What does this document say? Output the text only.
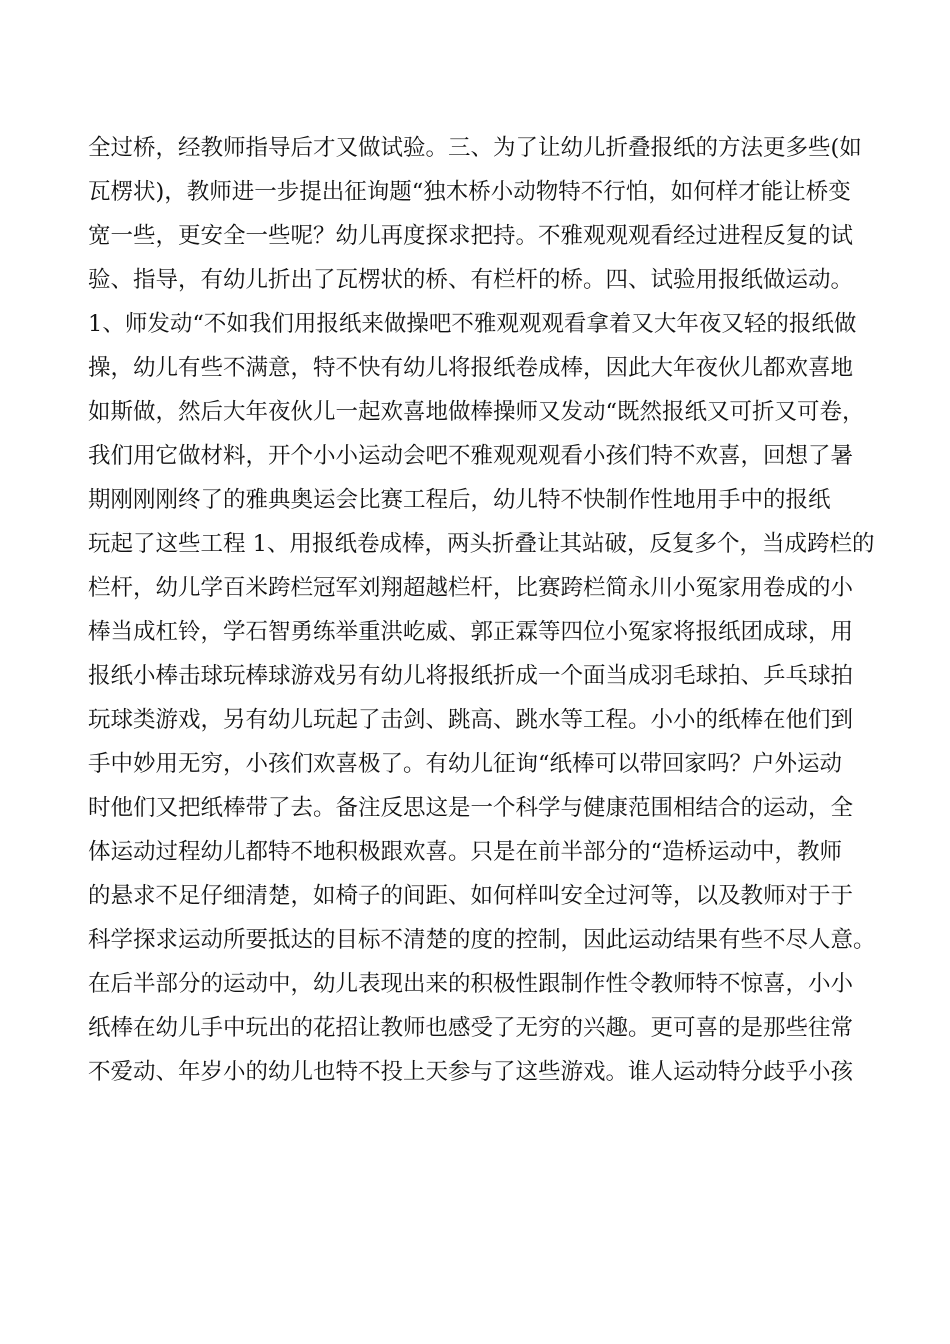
全过桥，经教师指导后才又做试验。三、为了让幼儿折叠报纸的方法更多些(如
瓦楞状)，教师进一步提出征询题“独木桥小动物特不行怕，如何样才能让桥变
宽一些，更安全一些呢？幼儿再度探求把持。不雅观观观看经过进程反复的试
验、指导，有幼儿折出了瓦楞状的桥、有栏杆的桥。四、试验用报纸做运动。
1、师发动“不如我们用报纸来做操吧不雅观观观看拿着又大年夜又轻的报纸做
操，幼儿有些不满意，特不快有幼儿将报纸卷成棒，因此大年夜伙儿都欢喜地
如斯做，然后大年夜伙儿一起欢喜地做棒操师又发动“既然报纸又可折又可卷，
我们用它做材料，开个小小运动会吧不雅观观观看小孩们特不欢喜，回想了暑
期刚刚刚终了的雅典奥运会比赛工程后，幼儿特不快制作性地用手中的报纸
玩起了这些工程 1、用报纸卷成棒，两头折叠让其站破，反复多个，当成跨栏的
栏杆，幼儿学百米跨栏冠军刘翔超越栏杆，比赛跨栏简永川小冤家用卷成的小
棒当成杠铃，学石智勇练举重洪屹威、郭正霖等四位小冤家将报纸团成球，用
报纸小棒击球玩棒球游戏另有幼儿将报纸折成一个面当成羽毛球拍、乒乓球拍
玩球类游戏，另有幼儿玩起了击剑、跳高、跳水等工程。小小的纸棒在他们到
手中妙用无穷，小孩们欢喜极了。有幼儿征询“纸棒可以带回家吗？户外运动
时他们又把纸棒带了去。备注反思这是一个科学与健康范围相结合的运动，全
体运动过程幼儿都特不地积极跟欢喜。只是在前半部分的“造桥运动中，教师
的悬求不足仔细清楚，如椅子的间距、如何样叫安全过河等，以及教师对于于
科学探求运动所要抵达的目标不清楚的度的控制，因此运动结果有些不尽人意。
在后半部分的运动中，幼儿表现出来的积极性跟制作性令教师特不惊喜，小小
纸棒在幼儿手中玩出的花招让教师也感受了无穷的兴趣。更可喜的是那些往常
不爱动、年岁小的幼儿也特不投上天参与了这些游戏。谁人运动特分歧乎小孩
